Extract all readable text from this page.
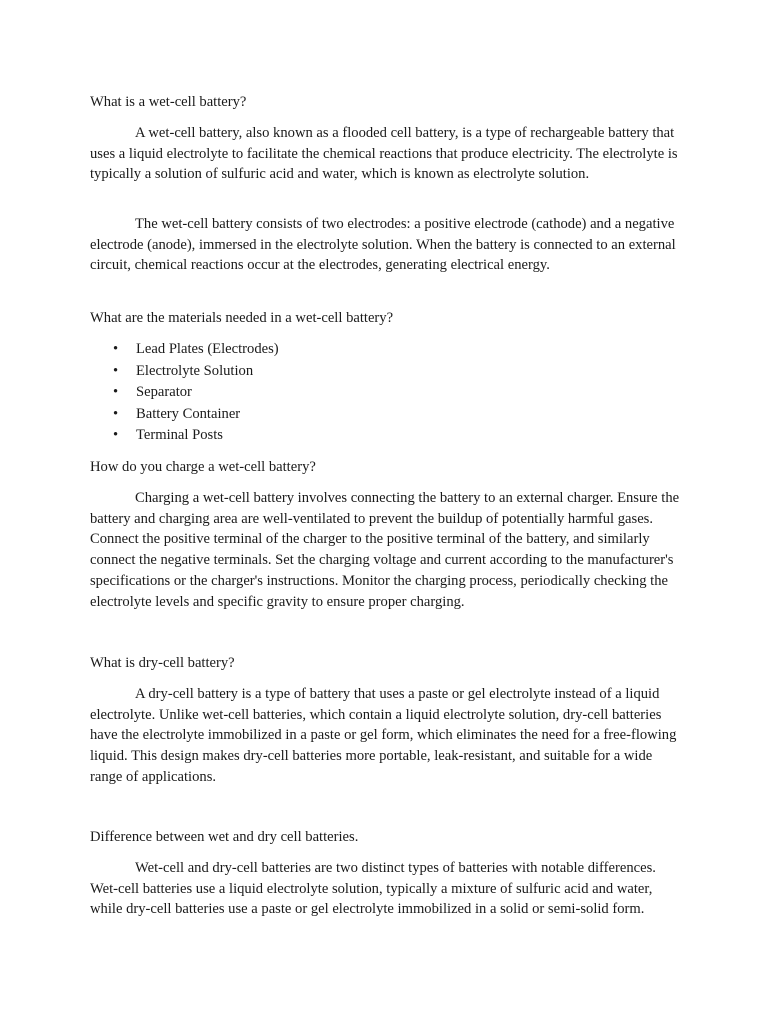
What is a wet-cell battery?

A wet-cell battery, also known as a flooded cell battery, is a type of rechargeable battery that uses a liquid electrolyte to facilitate the chemical reactions that produce electricity. The electrolyte is typically a solution of sulfuric acid and water, which is known as electrolyte solution.

The wet-cell battery consists of two electrodes: a positive electrode (cathode) and a negative electrode (anode), immersed in the electrolyte solution. When the battery is connected to an external circuit, chemical reactions occur at the electrodes, generating electrical energy.

What are the materials needed in a wet-cell battery?

• Lead Plates (Electrodes)
• Electrolyte Solution
• Separator
• Battery Container
• Terminal Posts

How do you charge a wet-cell battery?

Charging a wet-cell battery involves connecting the battery to an external charger. Ensure the battery and charging area are well-ventilated to prevent the buildup of potentially harmful gases. Connect the positive terminal of the charger to the positive terminal of the battery, and similarly connect the negative terminals. Set the charging voltage and current according to the manufacturer's specifications or the charger's instructions. Monitor the charging process, periodically checking the electrolyte levels and specific gravity to ensure proper charging.

What is dry-cell battery?

A dry-cell battery is a type of battery that uses a paste or gel electrolyte instead of a liquid electrolyte. Unlike wet-cell batteries, which contain a liquid electrolyte solution, dry-cell batteries have the electrolyte immobilized in a paste or gel form, which eliminates the need for a free-flowing liquid. This design makes dry-cell batteries more portable, leak-resistant, and suitable for a wide range of applications.

Difference between wet and dry cell batteries.

Wet-cell and dry-cell batteries are two distinct types of batteries with notable differences. Wet-cell batteries use a liquid electrolyte solution, typically a mixture of sulfuric acid and water, while dry-cell batteries use a paste or gel electrolyte immobilized in a solid or semi-solid form.
